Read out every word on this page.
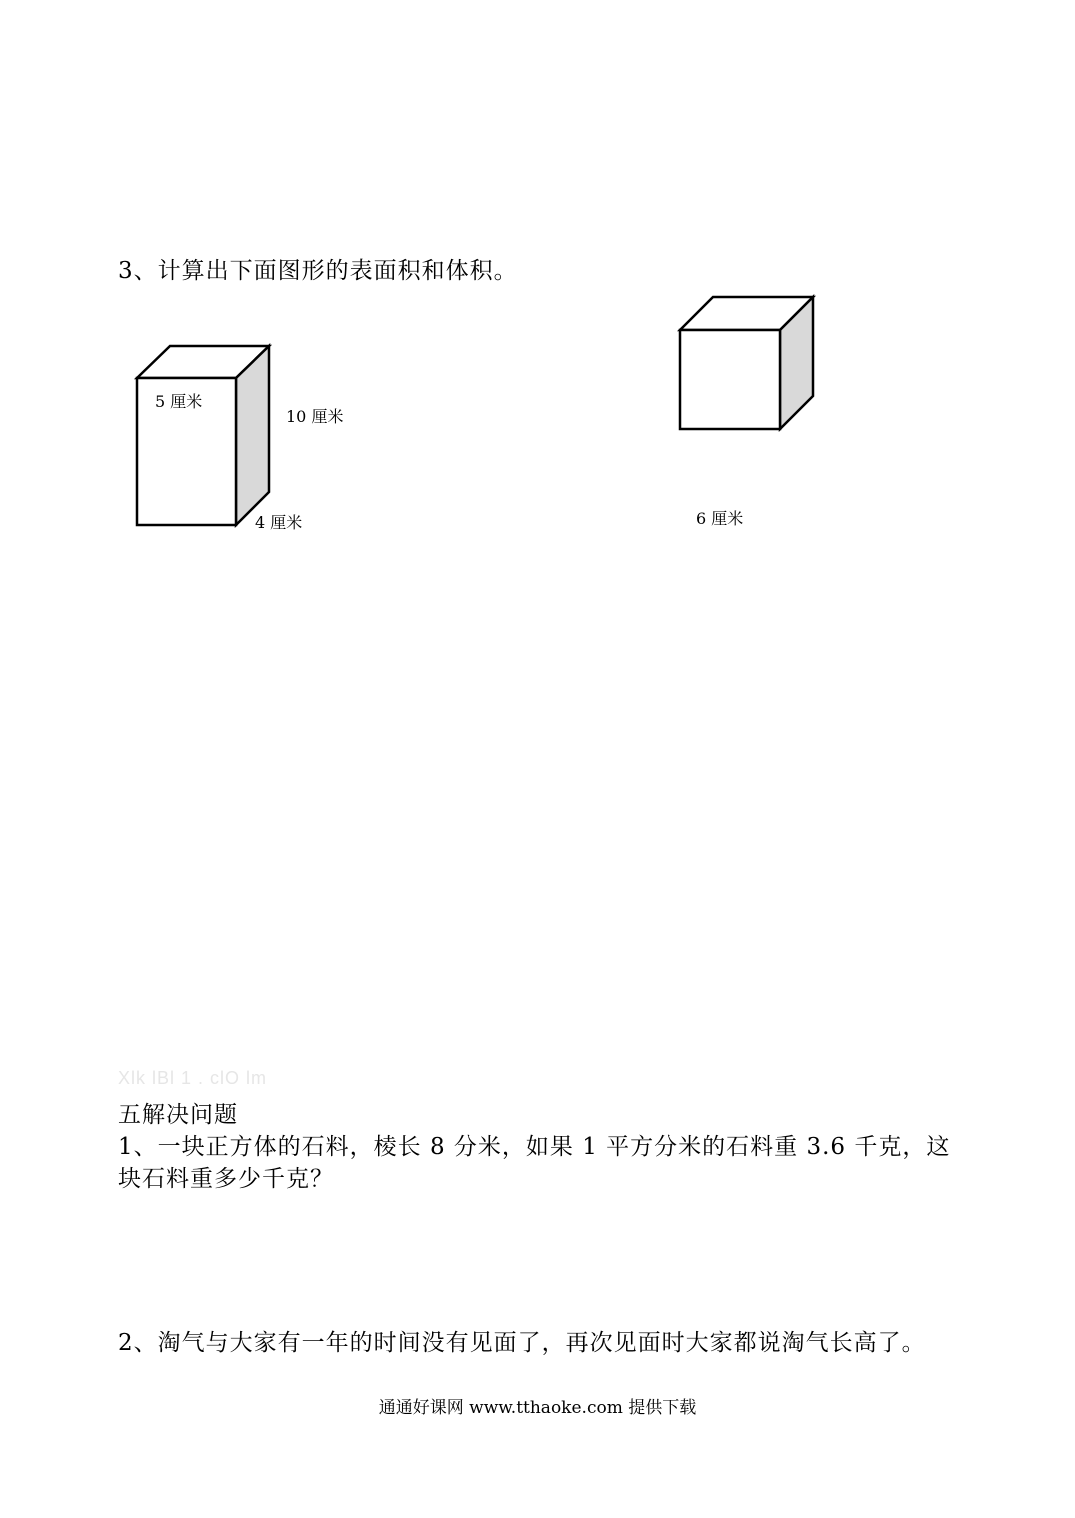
3、计算出下面图形的表面积和体积。
5 厘米
10 厘米
4 厘米	6 厘米
Xlk lBl 1 . clO lm
五解决问题
1、一块正方体的石料，棱长 8 分米，如果 1 平方分米的石料重 3.6 千克，这
块石料重多少千克？
2、淘气与大家有一年的时间没有见面了，再次见面时大家都说淘气长高了。
通通好课网 www.tthaoke.com 提供下载
